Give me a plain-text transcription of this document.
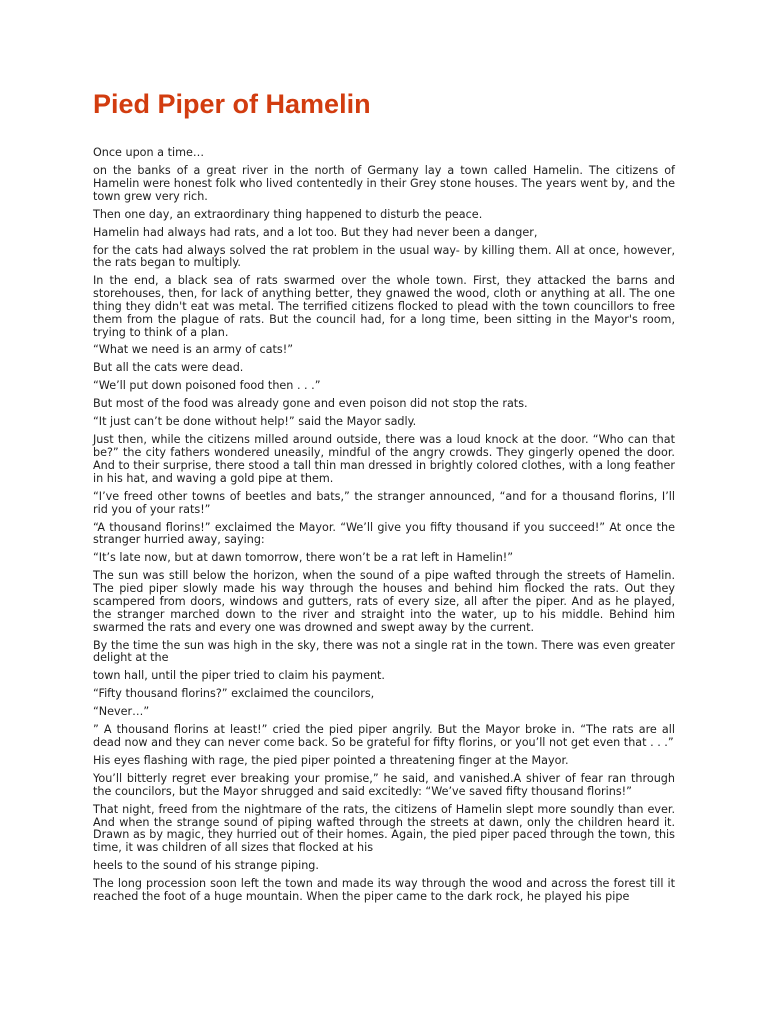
Pied Piper of Hamelin

Once upon a time…

on the banks of a great river in the north of Germany lay a town called Hamelin. The citizens of Hamelin were honest folk who lived contentedly in their Grey stone houses. The years went by, and the town grew very rich.

Then one day, an extraordinary thing happened to disturb the peace.

Hamelin had always had rats, and a lot too. But they had never been a danger,

for the cats had always solved the rat problem in the usual way- by killing them. All at once, however, the rats began to multiply.

In the end, a black sea of rats swarmed over the whole town. First, they attacked the barns and storehouses, then, for lack of anything better, they gnawed the wood, cloth or anything at all. The one thing they didn't eat was metal. The terrified citizens flocked to plead with the town councillors to free them from the plague of rats. But the council had, for a long time, been sitting in the Mayor's room, trying to think of a plan.

“What we need is an army of cats!”

But all the cats were dead.

“We’ll put down poisoned food then . . .”

But most of the food was already gone and even poison did not stop the rats.

“It just can’t be done without help!” said the Mayor sadly.

Just then, while the citizens milled around outside, there was a loud knock at the door. “Who can that be?” the city fathers wondered uneasily, mindful of the angry crowds. They gingerly opened the door. And to their surprise, there stood a tall thin man dressed in brightly colored clothes, with a long feather in his hat, and waving a gold pipe at them.

“I’ve freed other towns of beetles and bats,” the stranger announced, “and for a thousand florins, I’ll rid you of your rats!”

“A thousand florins!” exclaimed the Mayor. “We’ll give you fifty thousand if you succeed!” At once the stranger hurried away, saying:

“It’s late now, but at dawn tomorrow, there won’t be a rat left in Hamelin!”

The sun was still below the horizon, when the sound of a pipe wafted through the streets of Hamelin. The pied piper slowly made his way through the houses and behind him flocked the rats. Out they scampered from doors, windows and gutters, rats of every size, all after the piper. And as he played, the stranger marched down to the river and straight into the water, up to his middle. Behind him swarmed the rats and every one was drowned and swept away by the current.

By the time the sun was high in the sky, there was not a single rat in the town. There was even greater delight at the

town hall, until the piper tried to claim his payment.

“Fifty thousand florins?” exclaimed the councilors,

“Never…”

” A thousand florins at least!” cried the pied piper angrily. But the Mayor broke in. “The rats are all dead now and they can never come back. So be grateful for fifty florins, or you’ll not get even that . . .”

His eyes flashing with rage, the pied piper pointed a threatening finger at the Mayor.

You’ll bitterly regret ever breaking your promise,” he said, and vanished.A shiver of fear ran through the councilors, but the Mayor shrugged and said excitedly: “We’ve saved fifty thousand florins!”

That night, freed from the nightmare of the rats, the citizens of Hamelin slept more soundly than ever. And when the strange sound of piping wafted through the streets at dawn, only the children heard it. Drawn as by magic, they hurried out of their homes. Again, the pied piper paced through the town, this time, it was children of all sizes that flocked at his

heels to the sound of his strange piping.

The long procession soon left the town and made its way through the wood and across the forest till it reached the foot of a huge mountain. When the piper came to the dark rock, he played his pipe
